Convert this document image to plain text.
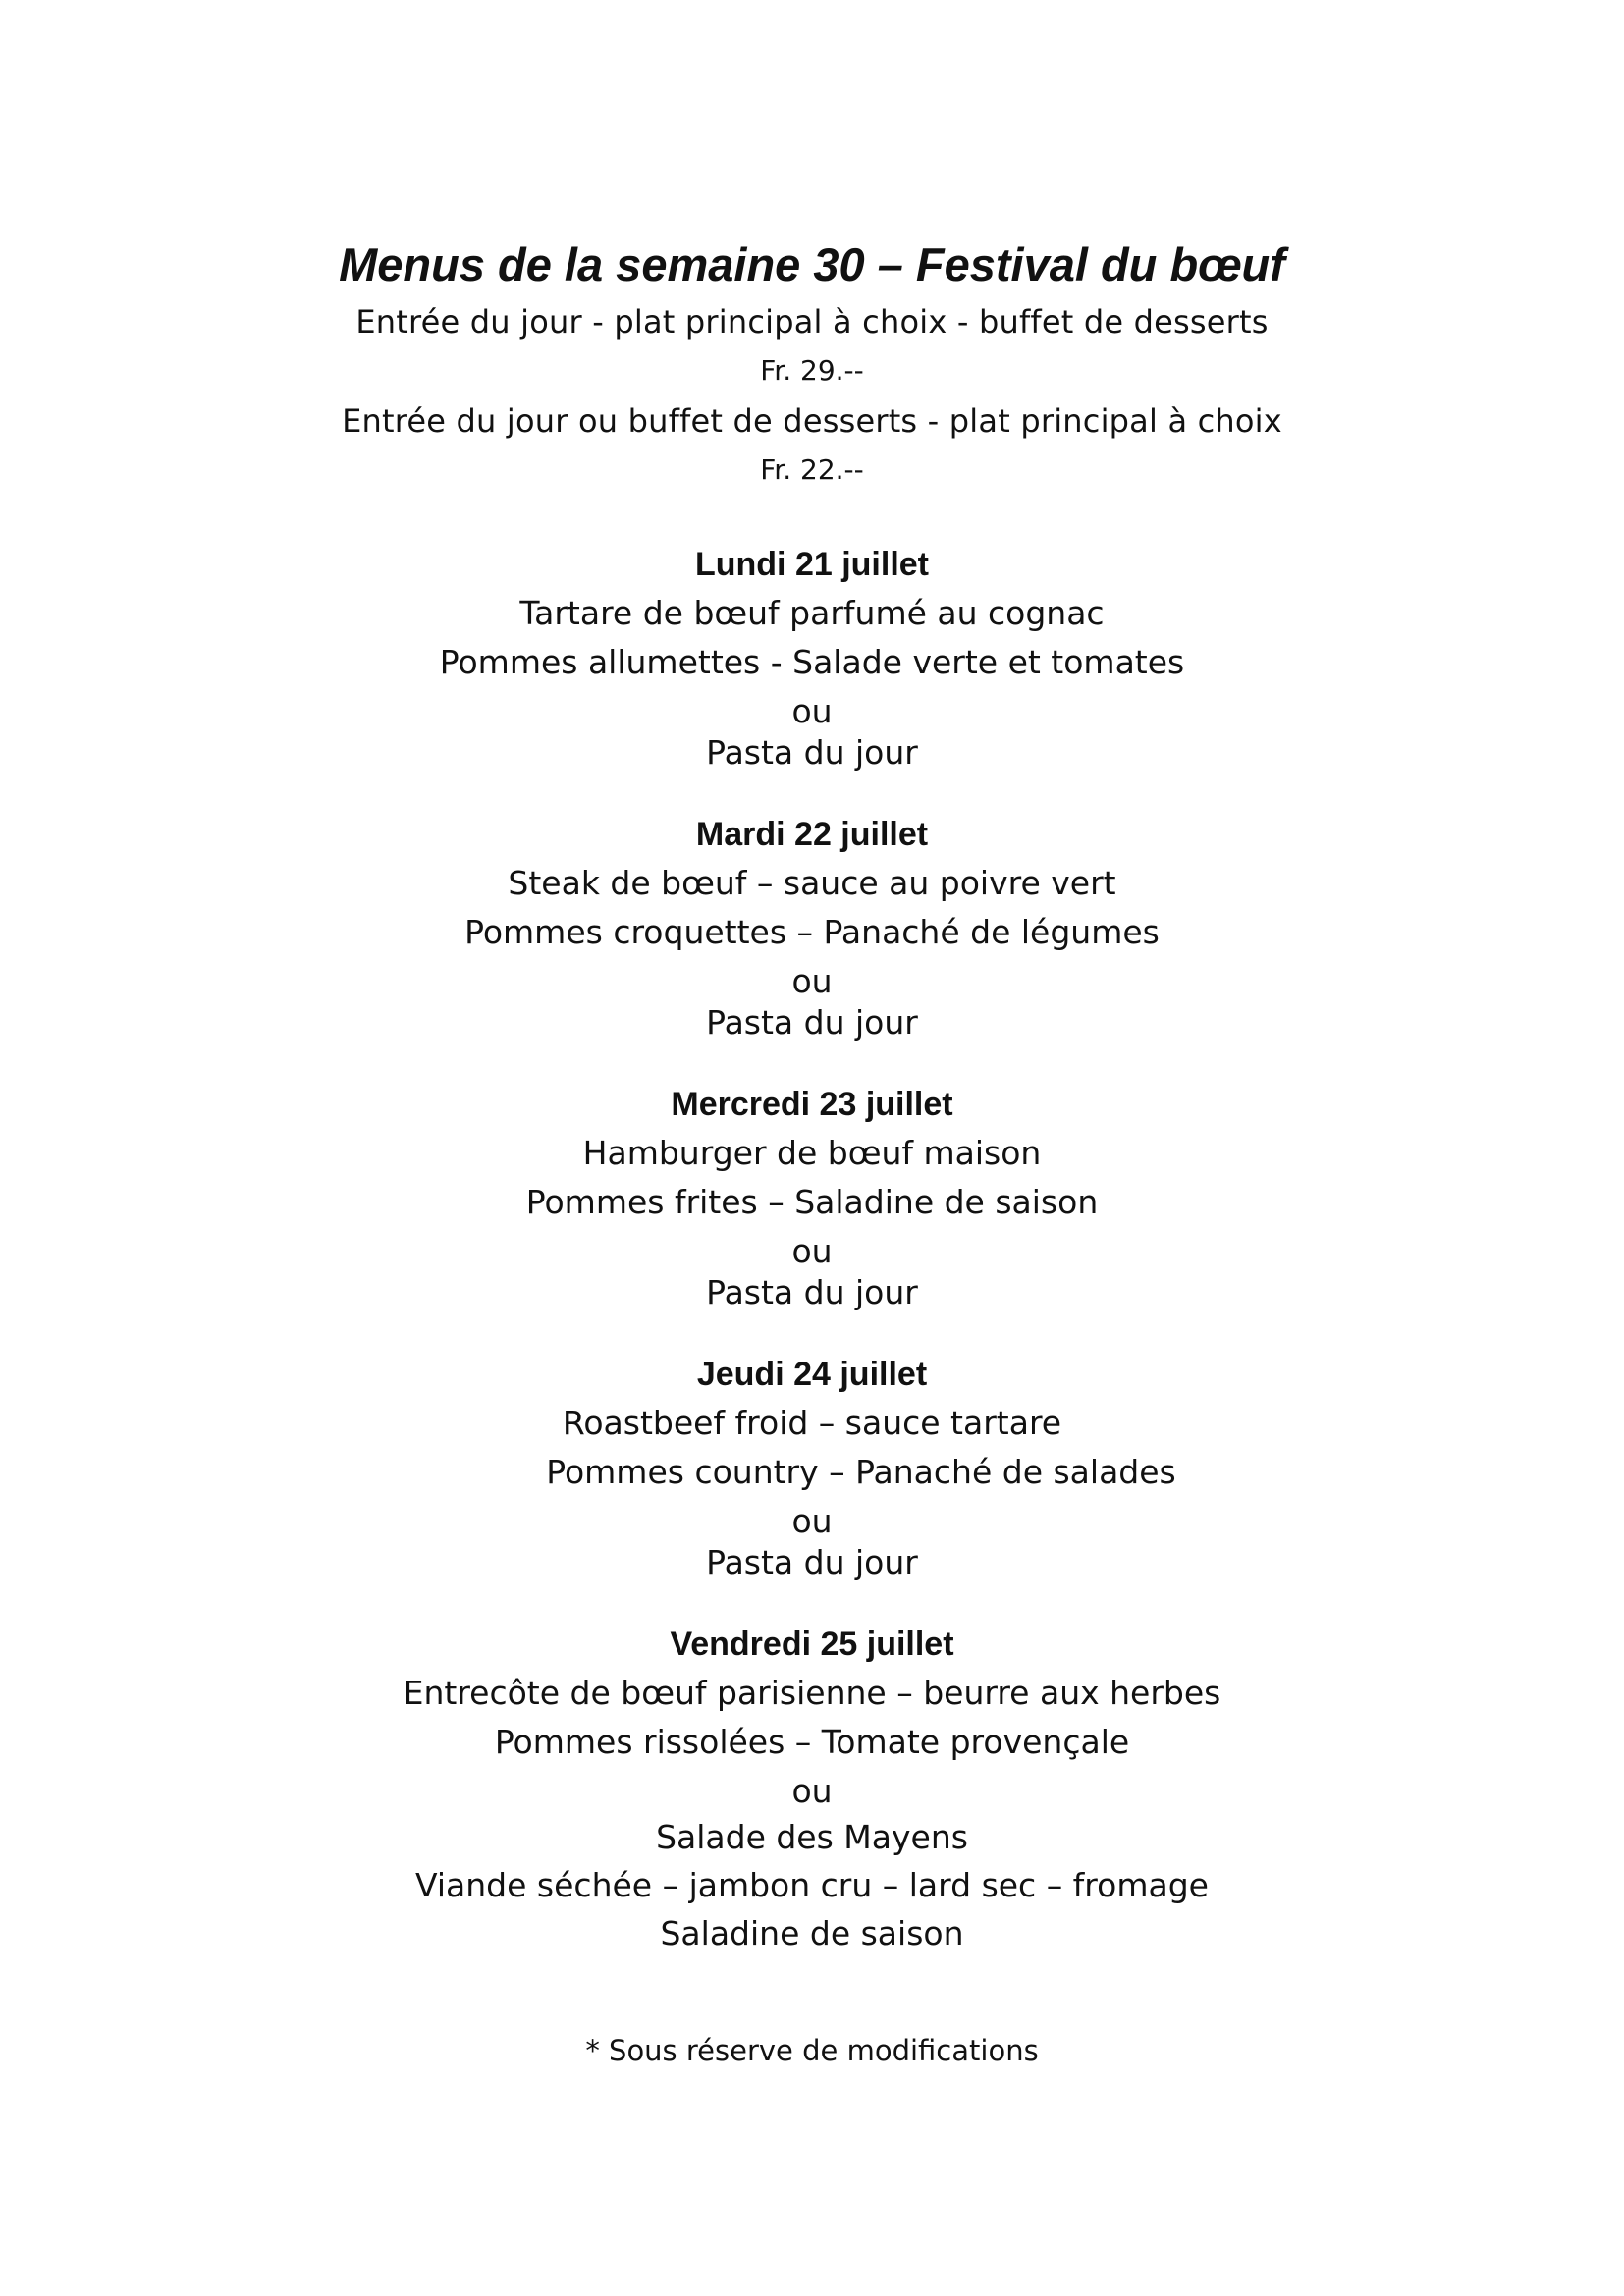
Menus de la semaine 30 – Festival du bœuf
Entrée du jour - plat principal à choix - buffet de desserts
Fr. 29.--
Entrée du jour ou buffet de desserts - plat principal à choix
Fr. 22.--
Lundi 21 juillet
Tartare de bœuf parfumé au cognac
Pommes allumettes - Salade verte et tomates
ou
Pasta du jour
Mardi 22 juillet
Steak de bœuf – sauce au poivre vert
Pommes croquettes – Panaché de légumes
ou
Pasta du jour
Mercredi 23 juillet
Hamburger de bœuf maison
Pommes frites – Saladine de saison
ou
Pasta du jour
Jeudi 24 juillet
Roastbeef froid – sauce tartare
Pommes country – Panaché de salades
ou
Pasta du jour
Vendredi 25 juillet
Entrecôte de bœuf parisienne – beurre aux herbes
Pommes rissolées – Tomate provençale
ou
Salade des Mayens
Viande séchée – jambon cru – lard sec – fromage
Saladine de saison
* Sous réserve de modifications
